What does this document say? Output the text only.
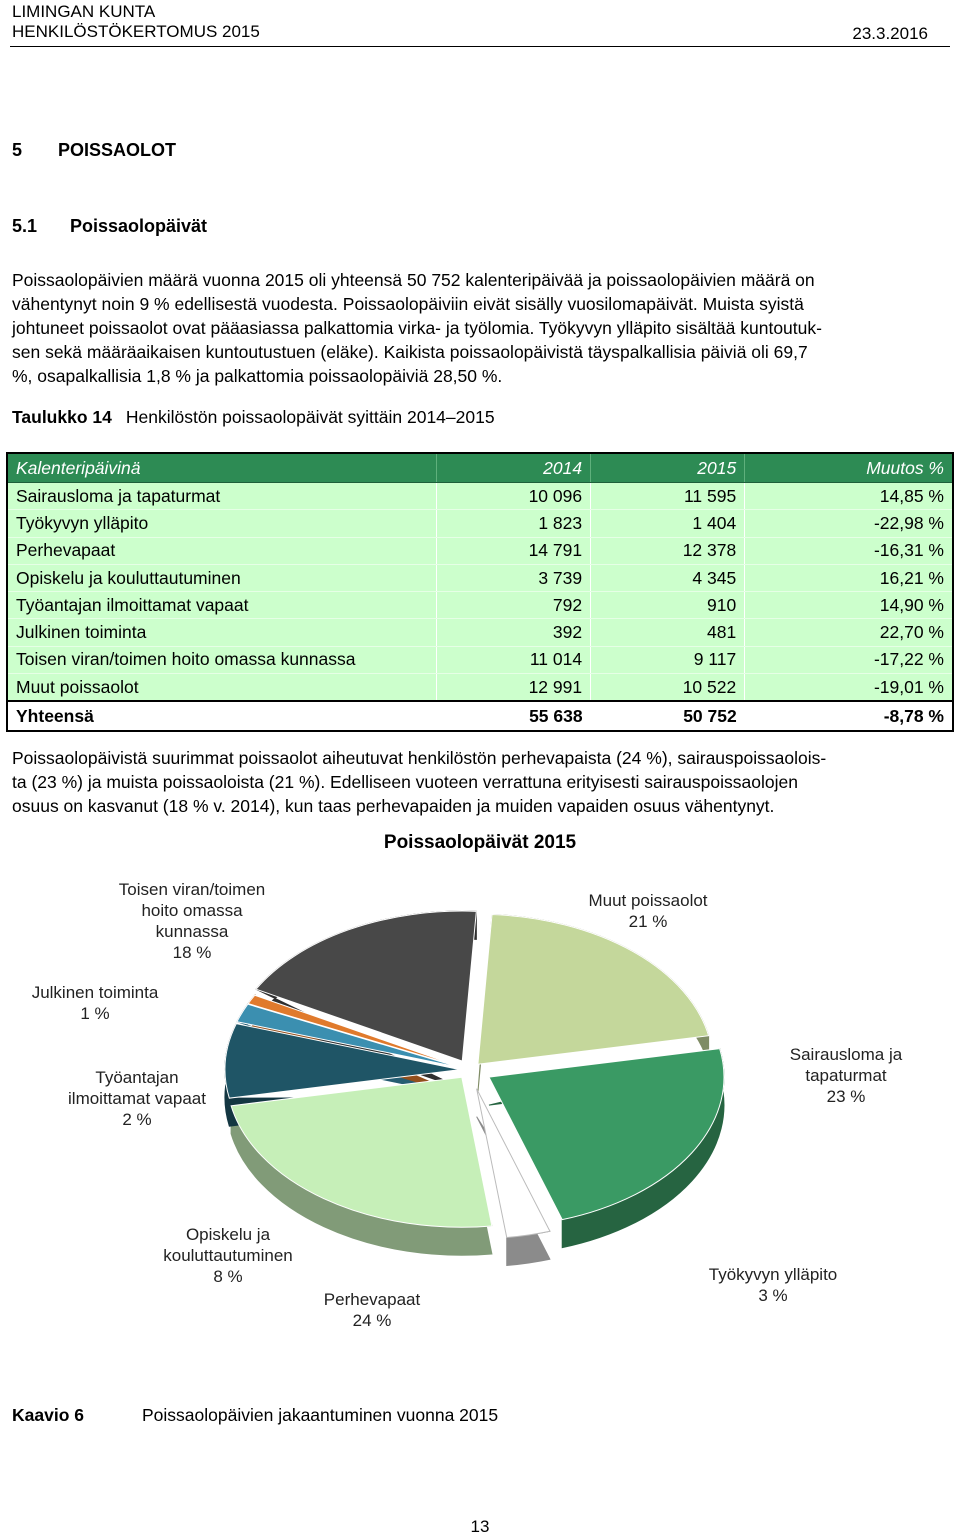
LIMINGAN KUNTA
HENKILÖSTÖKERTOMUS 2015	23.3.2016
5 POISSAOLOT
5.1 Poissaolopäivät
Poissaolopäivien määrä vuonna 2015 oli yhteensä 50 752 kalenteripäivää ja poissaolopäivien määrä on
vähentynyt noin 9 % edellisestä vuodesta. Poissaolopäiviin eivät sisälly vuosilomapäivät. Muista syistä
johtuneet poissaolot ovat pääasiassa palkattomia virka- ja työlomia. Työkyvyn ylläpito sisältää kuntoutuk-
sen sekä määräaikaisen kuntoutustuen (eläke). Kaikista poissaolopäivistä täyspalkallisia päiviä oli 69,7
%, osapalkallisia 1,8 % ja palkattomia poissaolopäiviä 28,50 %.
Taulukko 14 Henkilöstön poissaolopäivät syittäin 2014–2015
Kalenteripäivinä	2014	2015	Muutos %
Sairausloma ja tapaturmat	10 096	11 595	14,85 %
Työkyvyn ylläpito	1 823	1 404	-22,98 %
Perhevapaat	14 791	12 378	-16,31 %
Opiskelu ja kouluttautuminen	3 739	4 345	16,21 %
Työantajan ilmoittamat vapaat	792	910	14,90 %
Julkinen toiminta	392	481	22,70 %
Toisen viran/toimen hoito omassa kunnassa	11 014	9 117	-17,22 %
Muut poissaolot	12 991	10 522	-19,01 %
Yhteensä	55 638	50 752	-8,78 %
Poissaolopäivistä suurimmat poissaolot aiheutuvat henkilöstön perhevapaista (24 %), sairauspoissaolois-
ta (23 %) ja muista poissaoloista (21 %). Edelliseen vuoteen verrattuna erityisesti sairauspoissaolojen
osuus on kasvanut (18 % v. 2014), kun taas perhevapaiden ja muiden vapaiden osuus vähentynyt.
Poissaolopäivät 2015
Muut poissaolot 21 %
Sairausloma ja tapaturmat 23 %
Työkyvyn ylläpito 3 %
Perhevapaat 24 %
Opiskelu ja kouluttautuminen 8 %
Työantajan ilmoittamat vapaat 2 %
Julkinen toiminta 1 %
Toisen viran/toimen hoito omassa kunnassa 18 %
Kaavio 6	Poissaolopäivien jakaantuminen vuonna 2015
13
